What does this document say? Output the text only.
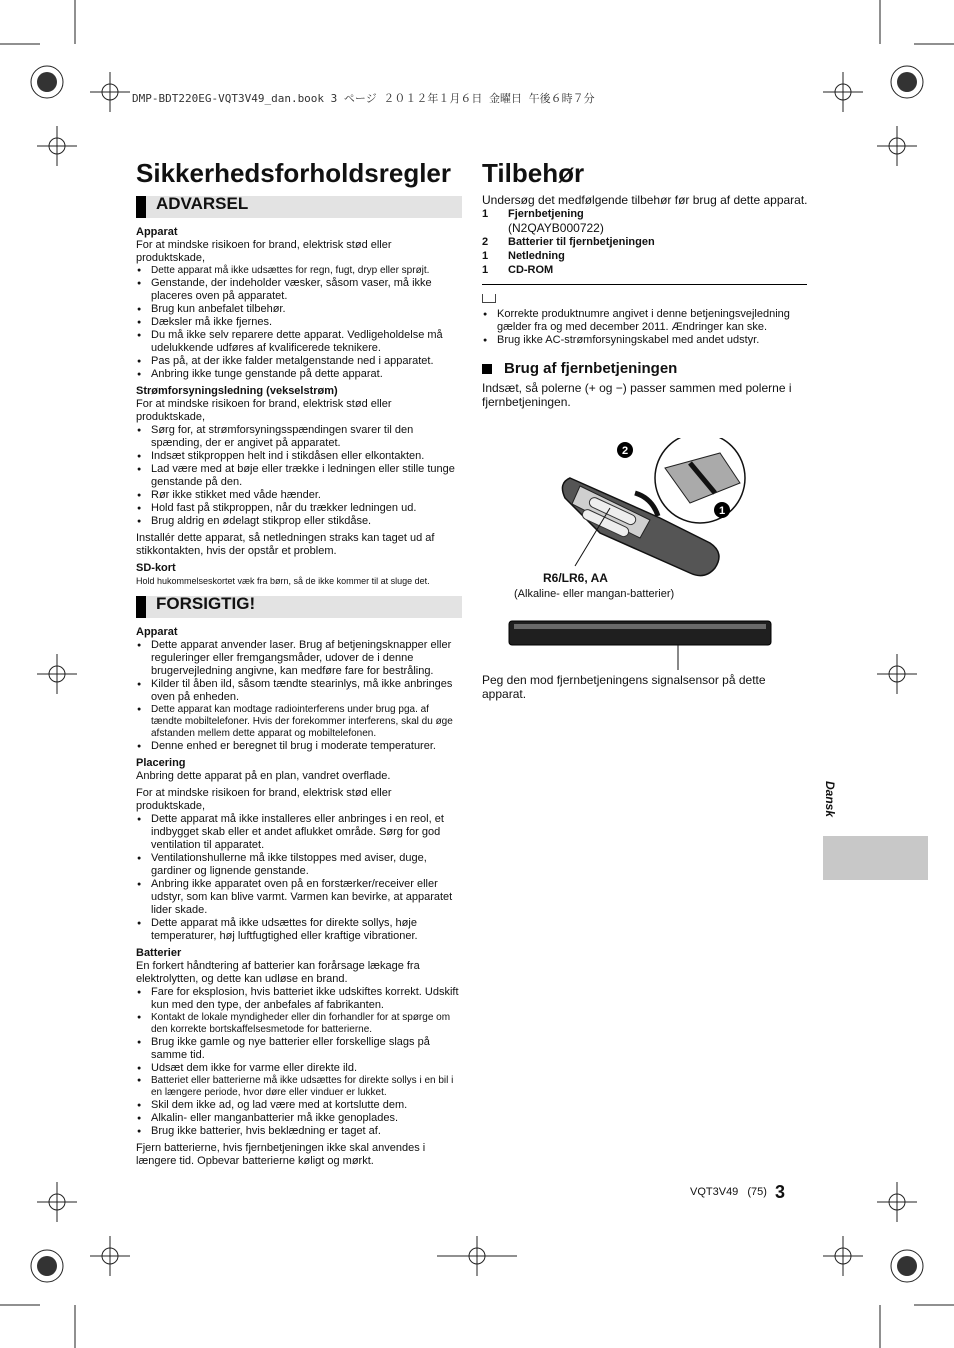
DMP-BDT220EG-VQT3V49_dan.book 3 ページ ２０１２年１月６日 金曜日 午後６時７分
Sikkerhedsforholdsregler
ADVARSEL

Apparat

For at mindske risikoen for brand, elektrisk stød eller produktskade,

● Dette apparat må ikke udsættes for regn, fugt, dryp eller sprøjt.
● Genstande, der indeholder væsker, såsom vaser, må ikke placeres oven på apparatet.
● Brug kun anbefalet tilbehør.
● Dæksler må ikke fjernes.
● Du må ikke selv reparere dette apparat. Vedligeholdelse må udelukkende udføres af kvalificerede teknikere.
● Pas på, at der ikke falder metalgenstande ned i apparatet.
● Anbring ikke tunge genstande på dette apparat.

Strømforsyningsledning (vekselstrøm)

For at mindske risikoen for brand, elektrisk stød eller produktskade,

● Sørg for, at strømforsyningsspændingen svarer til den spænding, der er angivet på apparatet.
● Indsæt stikproppen helt ind i stikdåsen eller elkontakten.
● Lad være med at bøje eller trække i ledningen eller stille tunge genstande på den.
● Rør ikke stikket med våde hænder.
● Hold fast på stikproppen, når du trækker ledningen ud.
● Brug aldrig en ødelagt stikprop eller stikdåse.

Installér dette apparat, så netledningen straks kan taget ud af stikkontakten, hvis der opstår et problem.

SD-kort

Hold hukommelseskortet væk fra børn, så de ikke kommer til at sluge det.

FORSIGTIG!

Apparat

● Dette apparat anvender laser. Brug af betjeningsknapper eller reguleringer eller fremgangsmåder, udover de i denne brugervejledning angivne, kan medføre fare for bestråling.
● Kilder til åben ild, såsom tændte stearinlys, må ikke anbringes oven på enheden.
● Dette apparat kan modtage radiointerferens under brug pga. af tændte mobiltelefoner. Hvis der forekommer interferens, skal du øge afstanden mellem dette apparat og mobiltelefonen.
● Denne enhed er beregnet til brug i moderate temperaturer.

Placering

Anbring dette apparat på en plan, vandret overflade.

For at mindske risikoen for brand, elektrisk stød eller produktskade,

● Dette apparat må ikke installeres eller anbringes i en reol, et indbygget skab eller et andet aflukket område. Sørg for god ventilation til apparatet.
● Ventilationshullerne må ikke tilstoppes med aviser, duge, gardiner og lignende genstande.
● Anbring ikke apparatet oven på en forstærker/receiver eller udstyr, som kan blive varmt. Varmen kan bevirke, at apparatet lider skade.
● Dette apparat må ikke udsættes for direkte sollys, høje temperaturer, høj luftfugtighed eller kraftige vibrationer.

Batterier

En forkert håndtering af batterier kan forårsage lækage fra elektrolytten, og dette kan udløse en brand.

● Fare for eksplosion, hvis batteriet ikke udskiftes korrekt. Udskift kun med den type, der anbefales af fabrikanten.
● Kontakt de lokale myndigheder eller din forhandler for at spørge om den korrekte bortskaffelsesmetode for batterierne.
● Brug ikke gamle og nye batterier eller forskellige slags på samme tid.
● Udsæt dem ikke for varme eller direkte ild.
● Batteriet eller batterierne må ikke udsættes for direkte sollys i en bil i en længere periode, hvor døre eller vinduer er lukket.
● Skil dem ikke ad, og lad være med at kortslutte dem.
● Alkalin- eller manganbatterier må ikke genoplades.
● Brug ikke batterier, hvis beklædning er taget af.

Fjern batterierne, hvis fjernbetjeningen ikke skal anvendes i længere tid. Opbevar batterierne køligt og mørkt.

Tilbehør

Undersøg det medfølgende tilbehør før brug af dette apparat.

1	Fjernbetjening
(N2QAYB000722)

2	Batterier til fjernbetjeningen
1	Netledning
1	CD-ROM
● Korrekte produktnumre angivet i denne betjeningsvejledning gælder fra og med december 2011. Ændringer kan ske.
● Brug ikke AC-strømforsyningskabel med andet udstyr.
Brug af fjernbetjeningen

Indsæt, så polerne (+ og −) passer sammen med polerne i fjernbetjeningen.

2
1
R6/LR6, AA
(Alkaline- eller mangan-batterier)
Peg den mod fjernbetjeningens signalsensor på dette apparat.
Dansk
VQT3V49 (75) 3
